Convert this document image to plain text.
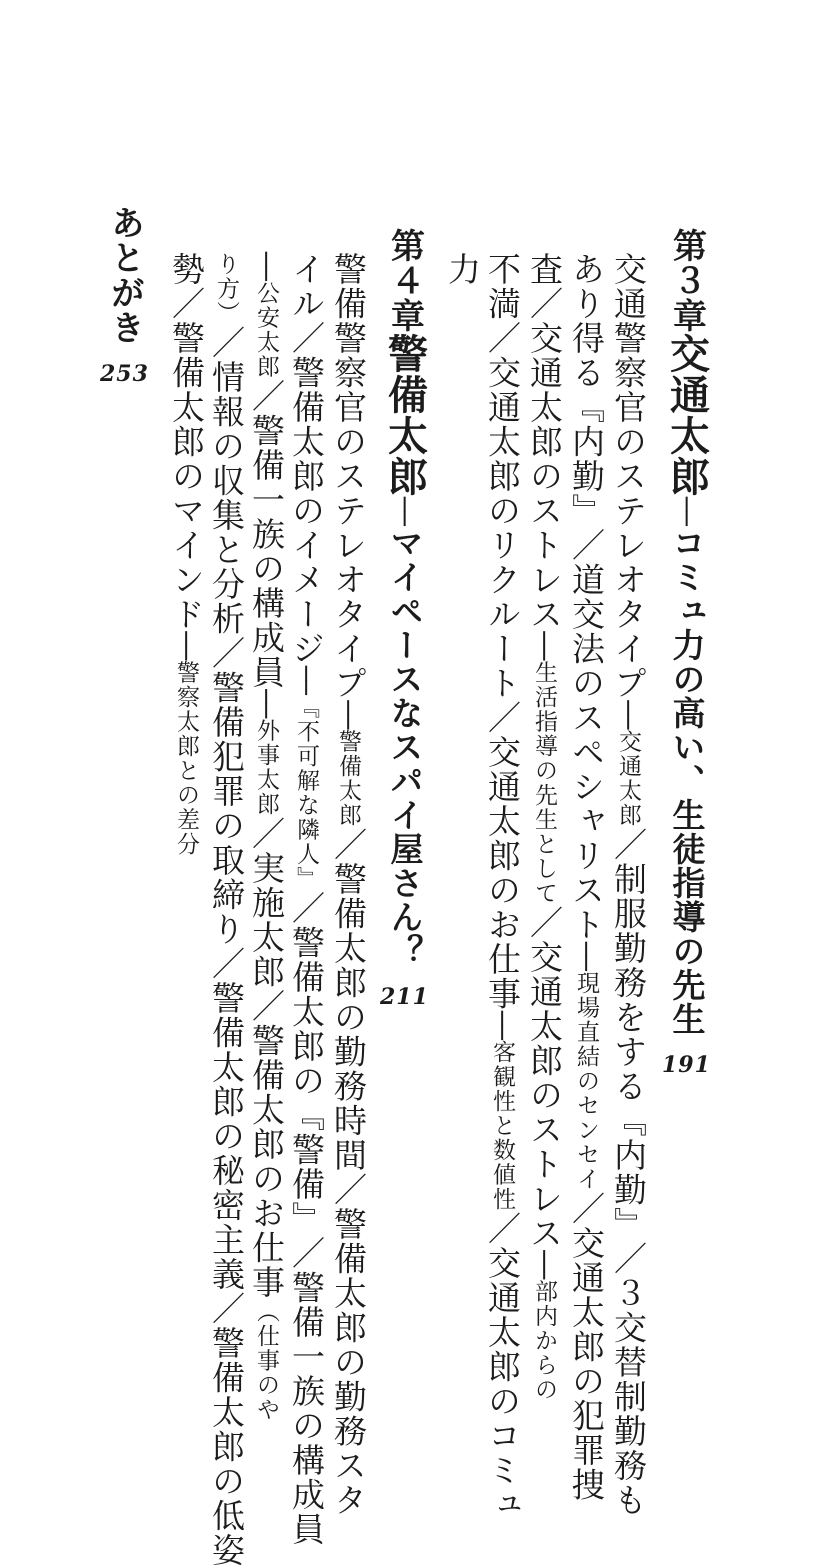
第３章交通太郎──コミュ力の高い、生徒指導の先生191
交通警察官のステレオタイプ──交通太郎／制服勤務をする『内勤』／３交替制勤務も
あり得る『内勤』／道交法のスペシャリスト──現場直結のセンセイ／交通太郎の犯罪捜
査／交通太郎のストレス──生活指導の先生として／交通太郎のストレス──部内からの
不満／交通太郎のリクルート／交通太郎のお仕事──客観性と数値性／交通太郎のコミュ
力
第４章警備太郎──マイペースなスパイ屋さん？211
警備警察官のステレオタイプ──警備太郎／警備太郎の勤務時間／警備太郎の勤務スタ
イル／警備太郎のイメージ──『不可解な隣人』／警備太郎の『警備』／警備一族の構成員
──公安太郎／警備一族の構成員──外事太郎／実施太郎／警備太郎のお仕事（仕事のや
り方）／情報の収集と分析／警備犯罪の取締り／警備太郎の秘密主義／警備太郎の低姿
勢／警備太郎のマインド──警察太郎との差分
あとがき253
